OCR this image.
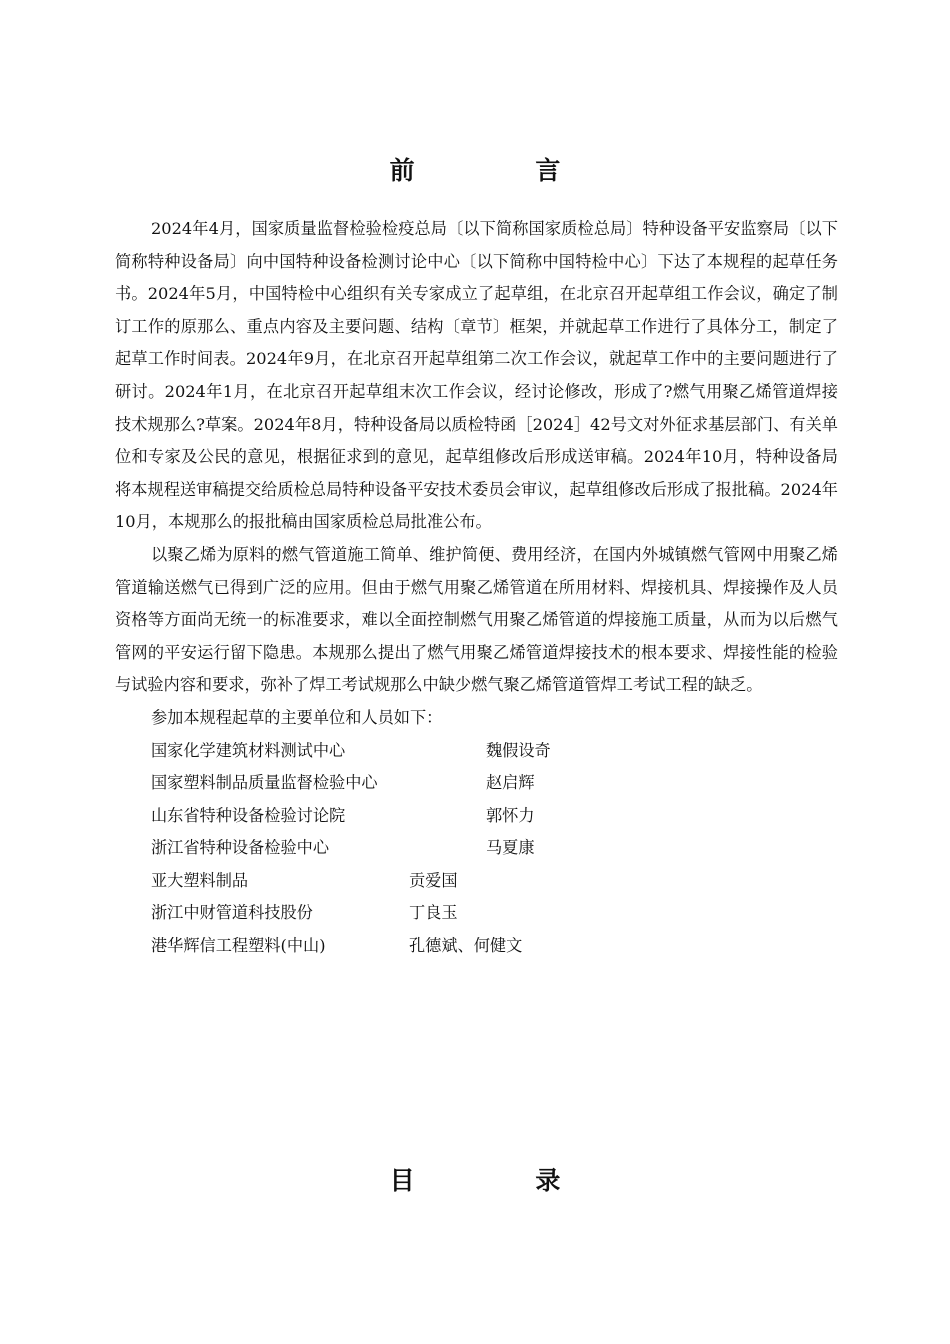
前 言

2024年4月，国家质量监督检验检疫总局〔以下简称国家质检总局〕特种设备平安监察局〔以下简称特种设备局〕向中国特种设备检测讨论中心〔以下简称中国特检中心〕下达了本规程的起草任务书。2024年5月，中国特检中心组织有关专家成立了起草组，在北京召开起草组工作会议，确定了制订工作的原那么、重点内容及主要问题、结构〔章节〕框架，并就起草工作进行了具体分工，制定了起草工作时间表。2024年9月，在北京召开起草组第二次工作会议，就起草工作中的主要问题进行了研讨。2024年1月，在北京召开起草组末次工作会议，经讨论修改，形成了?燃气用聚乙烯管道焊接技术规那么?草案。2024年8月，特种设备局以质检特函［2024］42号文对外征求基层部门、有关单位和专家及公民的意见，根据征求到的意见，起草组修改后形成送审稿。2024年10月，特种设备局将本规程送审稿提交给质检总局特种设备平安技术委员会审议，起草组修改后形成了报批稿。2024年10月，本规那么的报批稿由国家质检总局批准公布。

以聚乙烯为原料的燃气管道施工简单、维护简便、费用经济，在国内外城镇燃气管网中用聚乙烯管道输送燃气已得到广泛的应用。但由于燃气用聚乙烯管道在所用材料、焊接机具、焊接操作及人员资格等方面尚无统一的标准要求，难以全面控制燃气用聚乙烯管道的焊接施工质量，从而为以后燃气管网的平安运行留下隐患。本规那么提出了燃气用聚乙烯管道焊接技术的根本要求、焊接性能的检验与试验内容和要求，弥补了焊工考试规那么中缺少燃气聚乙烯管道管焊工考试工程的缺乏。

参加本规程起草的主要单位和人员如下：
国家化学建筑材料测试中心	魏假设奇
国家塑料制品质量监督检验中心	赵启辉
山东省特种设备检验讨论院	郭怀力
浙江省特种设备检验中心	马夏康
亚大塑料制品	贡爱国
浙江中财管道科技股份	丁良玉
港华辉信工程塑料(中山)	孔德斌、何健文
目 录
